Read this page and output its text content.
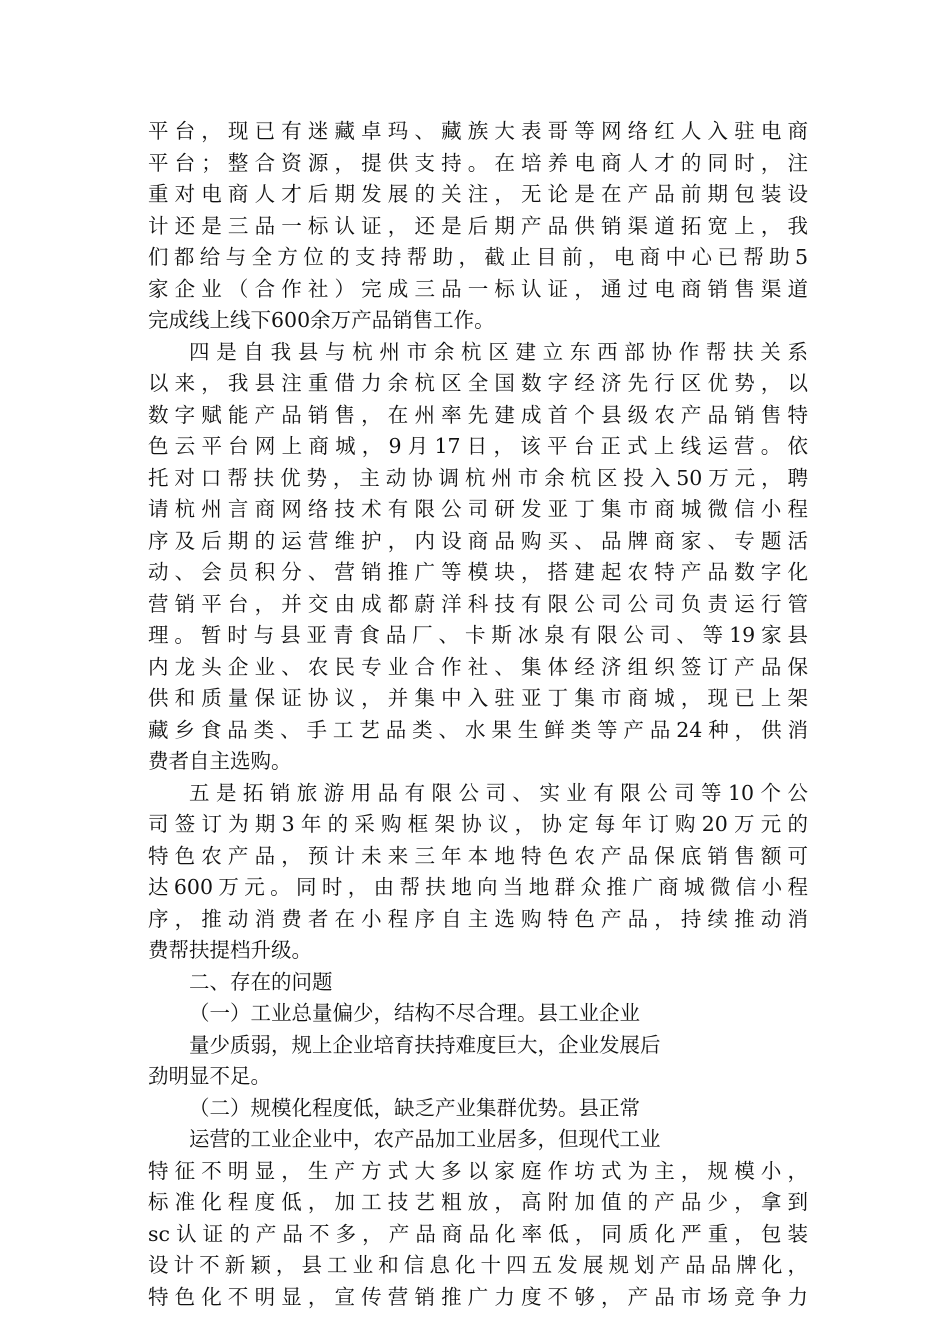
平台，现已有迷藏卓玛、藏族大表哥等网络红人入驻电商
平台；整合资源，提供支持。在培养电商人才的同时，注
重对电商人才后期发展的关注，无论是在产品前期包装设
计还是三品一标认证，还是后期产品供销渠道拓宽上，我
们都给与全方位的支持帮助，截止目前，电商中心已帮助5
家企业（合作社）完成三品一标认证，通过电商销售渠道
完成线上线下600余万产品销售工作。
四是自我县与杭州市余杭区建立东西部协作帮扶关系
以来，我县注重借力余杭区全国数字经济先行区优势，以
数字赋能产品销售，在州率先建成首个县级农产品销售特
色云平台网上商城，9月17日，该平台正式上线运营。依
托对口帮扶优势，主动协调杭州市余杭区投入50万元，聘
请杭州言商网络技术有限公司研发亚丁集市商城微信小程
序及后期的运营维护，内设商品购买、品牌商家、专题活
动、会员积分、营销推广等模块，搭建起农特产品数字化
营销平台，并交由成都蔚洋科技有限公司公司负责运行管
理。暂时与县亚青食品厂、卡斯冰泉有限公司、等19家县
内龙头企业、农民专业合作社、集体经济组织签订产品保
供和质量保证协议，并集中入驻亚丁集市商城，现已上架
藏乡食品类、手工艺品类、水果生鲜类等产品24种，供消
费者自主选购。
五是拓销旅游用品有限公司、实业有限公司等10个公
司签订为期3年的采购框架协议，协定每年订购20万元的
特色农产品，预计未来三年本地特色农产品保底销售额可
达600万元。同时，由帮扶地向当地群众推广商城微信小程
序，推动消费者在小程序自主选购特色产品，持续推动消
费帮扶提档升级。
二、存在的问题
（一）工业总量偏少，结构不尽合理。县工业企业
量少质弱，规上企业培育扶持难度巨大，企业发展后
劲明显不足。
（二）规模化程度低，缺乏产业集群优势。县正常
运营的工业企业中，农产品加工业居多，但现代工业
特征不明显，生产方式大多以家庭作坊式为主，规模小，
标准化程度低，加工技艺粗放，高附加值的产品少，拿到
sc认证的产品不多，产品商品化率低，同质化严重，包装
设计不新颖，县工业和信息化十四五发展规划产品品牌化，
特色化不明显，宣传营销推广力度不够，产品市场竞争力
